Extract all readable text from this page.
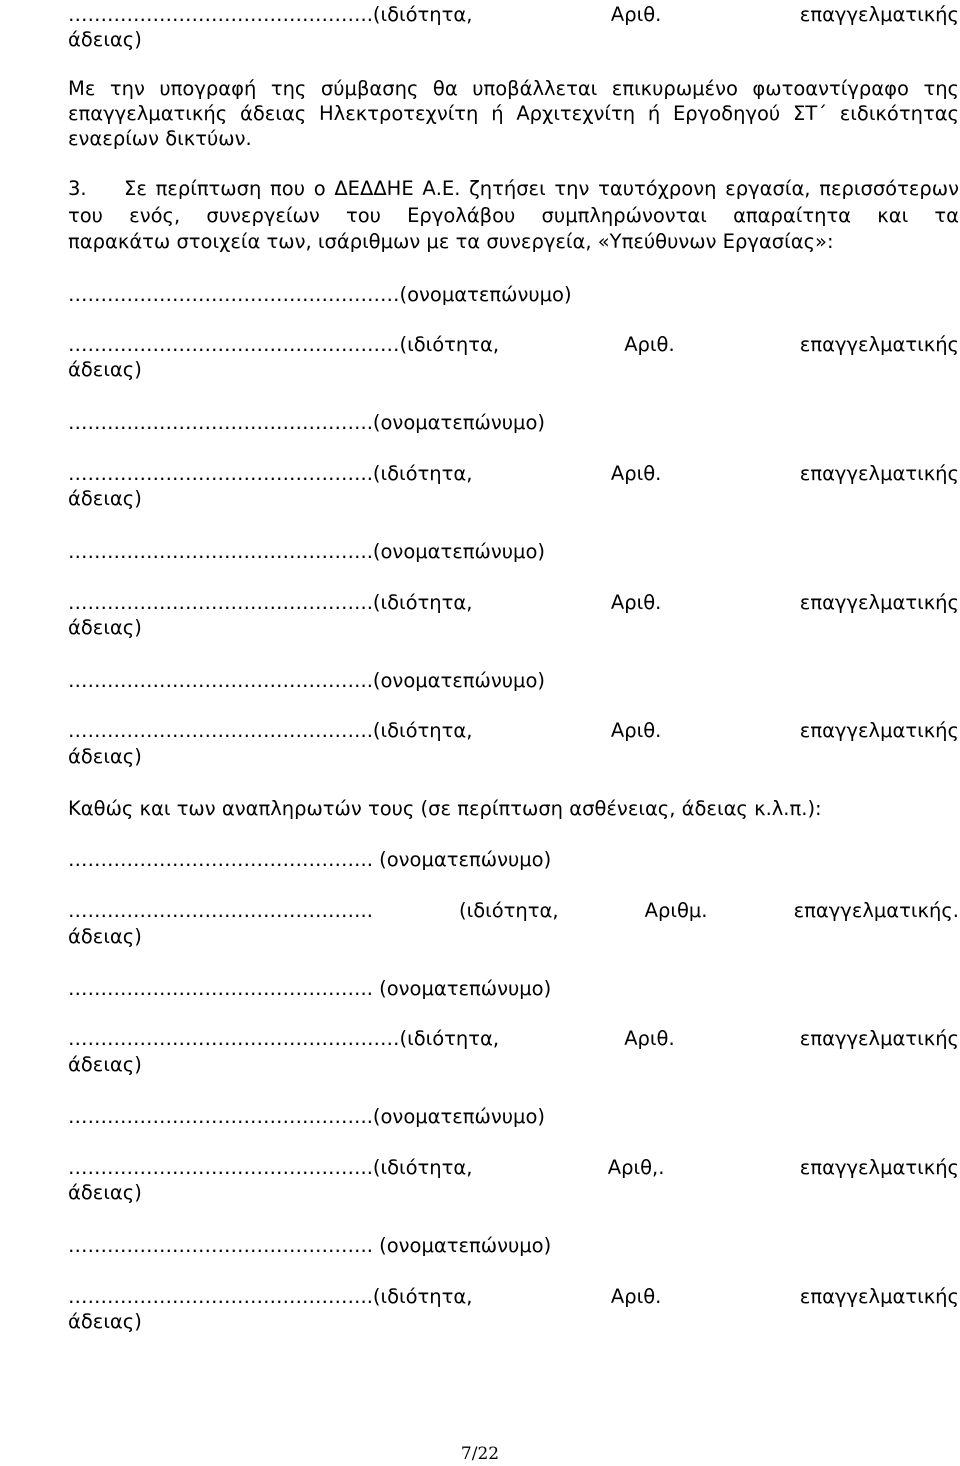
………………………………………..(ιδιότητα, Αριθ. επαγγελματικής
άδειας)
Με την υπογραφή της σύμβασης θα υποβάλλεται επικυρωμένο φωτοαντίγραφο της
επαγγελματικής άδειας Ηλεκτροτεχνίτη ή Αρχιτεχνίτη ή Εργοδηγού ΣΤ΄ ειδικότητας
εναερίων δικτύων.
3. Σε περίπτωση που ο ΔΕΔΔΗΕ Α.Ε. ζητήσει την ταυτόχρονη εργασία, περισσότερων
του ενός, συνεργείων του Εργολάβου συμπληρώνονται απαραίτητα και τα
παρακάτω στοιχεία των, ισάριθμων με τα συνεργεία, «Υπεύθυνων Εργασίας»:
……………………………………………(ονοματεπώνυμο)
……………………………………………(ιδιότητα, Αριθ. επαγγελματικής
άδειας)
………………………………………..(ονοματεπώνυμο)
………………………………………..(ιδιότητα, Αριθ. επαγγελματικής
άδειας)
………………………………………..(ονοματεπώνυμο)
………………………………………..(ιδιότητα, Αριθ. επαγγελματικής
άδειας)
………………………………………..(ονοματεπώνυμο)
………………………………………..(ιδιότητα, Αριθ. επαγγελματικής
άδειας)
Καθώς και των αναπληρωτών τους (σε περίπτωση ασθένειας, άδειας κ.λ.π.):
……………………………………….. (ονοματεπώνυμο)
……………………………………….. (ιδιότητα, Αριθμ. επαγγελματικής.
άδειας)
……………………………………….. (ονοματεπώνυμο)
……………………………………………(ιδιότητα, Αριθ. επαγγελματικής
άδειας)
………………………………………..(ονοματεπώνυμο)
………………………………………..(ιδιότητα, Αριθ,. επαγγελματικής
άδειας)
……………………………………….. (ονοματεπώνυμο)
………………………………………..(ιδιότητα, Αριθ. επαγγελματικής
άδειας)
7/22
